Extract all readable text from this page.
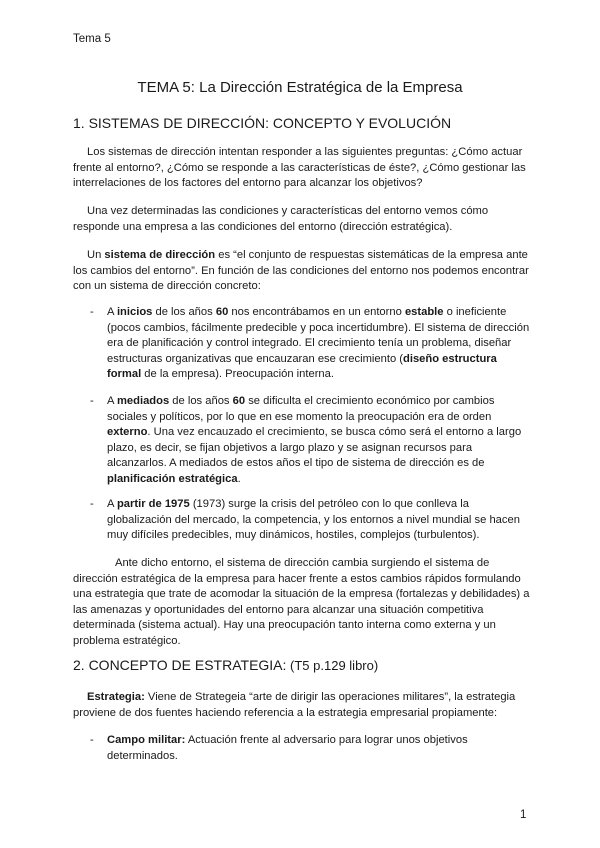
Tema 5
TEMA 5: La Dirección Estratégica de la Empresa
1. SISTEMAS DE DIRECCIÓN: CONCEPTO Y EVOLUCIÓN
Los sistemas de dirección intentan responder a las siguientes preguntas: ¿Cómo actuar frente al entorno?, ¿Cómo se responde a las características de éste?, ¿Cómo gestionar las interrelaciones de los factores del entorno para alcanzar los objetivos?
Una vez determinadas las condiciones y características del entorno vemos cómo responde una empresa a las condiciones del entorno (dirección estratégica).
Un sistema de dirección es “el conjunto de respuestas sistemáticas de la empresa ante los cambios del entorno”. En función de las condiciones del entorno nos podemos encontrar con un sistema de dirección concreto:
- A inicios de los años 60 nos encontrábamos en un entorno estable o ineficiente (pocos cambios, fácilmente predecible y poca incertidumbre). El sistema de dirección era de planificación y control integrado. El crecimiento tenía un problema, diseñar estructuras organizativas que encauzaran ese crecimiento (diseño estructura formal de la empresa). Preocupación interna.
- A mediados de los años 60 se dificulta el crecimiento económico por cambios sociales y políticos, por lo que en ese momento la preocupación era de orden externo. Una vez encauzado el crecimiento, se busca cómo será el entorno a largo plazo, es decir, se fijan objetivos a largo plazo y se asignan recursos para alcanzarlos. A mediados de estos años el tipo de sistema de dirección es de planificación estratégica.
- A partir de 1975 (1973) surge la crisis del petróleo con lo que conlleva la globalización del mercado, la competencia, y los entornos a nivel mundial se hacen muy difíciles predecibles, muy dinámicos, hostiles, complejos (turbulentos).
Ante dicho entorno, el sistema de dirección cambia surgiendo el sistema de dirección estratégica de la empresa para hacer frente a estos cambios rápidos formulando una estrategia que trate de acomodar la situación de la empresa (fortalezas y debilidades) a las amenazas y oportunidades del entorno para alcanzar una situación competitiva determinada (sistema actual). Hay una preocupación tanto interna como externa y un problema estratégico.
2. CONCEPTO DE ESTRATEGIA: (T5 p.129 libro)
Estrategia: Viene de Strategeia “arte de dirigir las operaciones militares”, la estrategia proviene de dos fuentes haciendo referencia a la estrategia empresarial propiamente:
- Campo militar: Actuación frente al adversario para lograr unos objetivos determinados.
1
